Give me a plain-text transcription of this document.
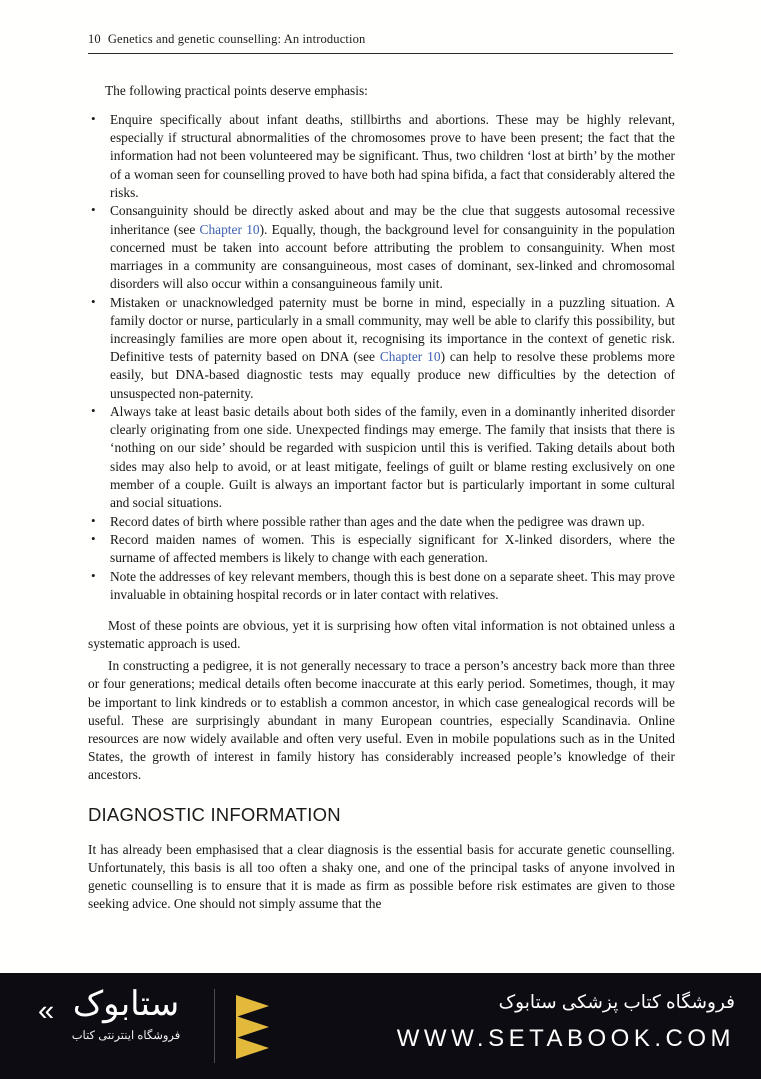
10 Genetics and genetic counselling: An introduction

The following practical points deserve emphasis:

• Enquire specifically about infant deaths, stillbirths and abortions. These may be highly relevant, especially if structural abnormalities of the chromosomes prove to have been present; the fact that the information had not been volunteered may be significant. Thus, two children ‘lost at birth’ by the mother of a woman seen for counselling proved to have both had spina bifida, a fact that considerably altered the risks.
• Consanguinity should be directly asked about and may be the clue that suggests autosomal recessive inheritance (see Chapter 10). Equally, though, the background level for consanguinity in the population concerned must be taken into account before attributing the problem to consanguinity. When most marriages in a community are consanguineous, most cases of dominant, sex-linked and chromosomal disorders will also occur within a consanguineous family unit.
• Mistaken or unacknowledged paternity must be borne in mind, especially in a puzzling situation. A family doctor or nurse, particularly in a small community, may well be able to clarify this possibility, but increasingly families are more open about it, recognising its importance in the context of genetic risk. Definitive tests of paternity based on DNA (see Chapter 10) can help to resolve these problems more easily, but DNA-based diagnostic tests may equally produce new difficulties by the detection of unsuspected non-paternity.
• Always take at least basic details about both sides of the family, even in a dominantly inherited disorder clearly originating from one side. Unexpected findings may emerge. The family that insists that there is ‘nothing on our side’ should be regarded with suspicion until this is verified. Taking details about both sides may also help to avoid, or at least mitigate, feelings of guilt or blame resting exclusively on one member of a couple. Guilt is always an important factor but is particularly important in some cultural and social situations.
• Record dates of birth where possible rather than ages and the date when the pedigree was drawn up.
• Record maiden names of women. This is especially significant for X-linked disorders, where the surname of affected members is likely to change with each generation.
• Note the addresses of key relevant members, though this is best done on a separate sheet. This may prove invaluable in obtaining hospital records or in later contact with relatives.

Most of these points are obvious, yet it is surprising how often vital information is not obtained unless a systematic approach is used.

In constructing a pedigree, it is not generally necessary to trace a person’s ancestry back more than three or four generations; medical details often become inaccurate at this early period. Sometimes, though, it may be important to link kindreds or to establish a common ancestor, in which case genealogical records will be useful. These are surprisingly abundant in many European countries, especially Scandinavia. Online resources are now widely available and often very useful. Even in mobile populations such as in the United States, the growth of interest in family history has considerably increased people’s knowledge of their ancestors.

DIAGNOSTIC INFORMATION

It has already been emphasised that a clear diagnosis is the essential basis for accurate genetic counselling. Unfortunately, this basis is all too often a shaky one, and one of the principal tasks of anyone involved in genetic counselling is to ensure that it is made as firm as possible before risk estimates are given to those seeking advice. One should not simply assume that the

« ستابوک
فروشگاه اینترنتی کتاب
فروشگاه کتاب پزشکی ستابوک
WWW.SETABOOK.COM
